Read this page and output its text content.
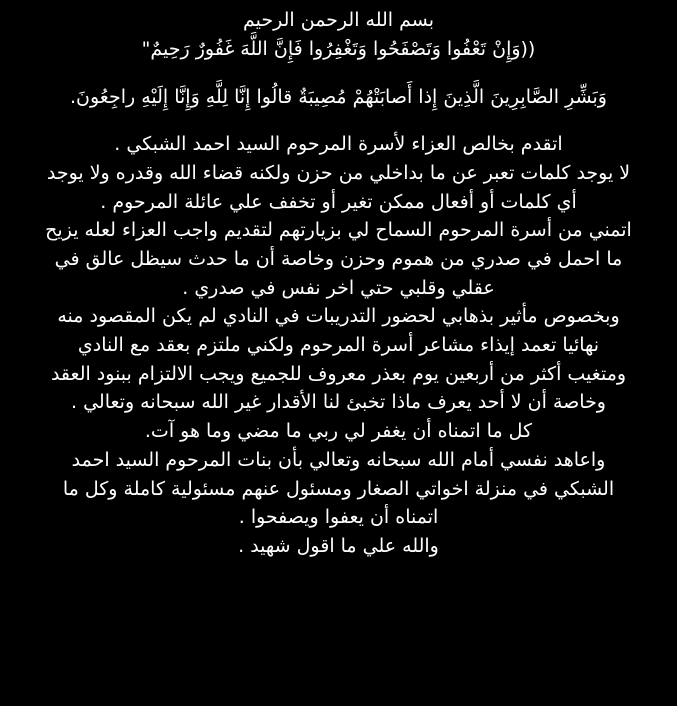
بسم الله الرحمن الرحيم
((وَإِنْ تَعْفُوا وَتَصْفَحُوا وَتَغْفِرُوا فَإِنَّ اللَّهَ غَفُورٌ رَحِيمٌ"
وَبَشِّرِ الصَّابِرِينَ الَّذِينَ إِذا أَصابَتْهُمْ مُصِيبَةٌ قالُوا إِنَّا لِلَّهِ وَإِنَّا إِلَيْهِ راجِعُونَ.
اتقدم بخالص العزاء لأسرة المرحوم السيد احمد الشبكي .
لا يوجد كلمات تعبر عن ما بداخلي من حزن ولكنه قضاء الله وقدره ولا يوجد
أي كلمات أو أفعال ممكن تغير أو تخفف علي عائلة المرحوم .
اتمني من أسرة المرحوم السماح لي بزيارتهم لتقديم واجب العزاء لعله يزيح
ما احمل في صدري من هموم وحزن وخاصة أن ما حدث سيظل عالق في
عقلي وقلبي حتي اخر نفس في صدري .
وبخصوص مأثير بذهابي لحضور التدريبات في النادي لم يكن المقصود منه
نهائيا تعمد إيذاء مشاعر أسرة المرحوم ولكني ملتزم بعقد مع النادي
ومتغيب أكثر من أربعين يوم بعذر معروف للجميع ويجب الالتزام ببنود العقد
وخاصة أن لا أحد يعرف ماذا تخبئ لنا الأقدار غير الله سبحانه وتعالي .
كل ما اتمناه أن يغفر لي ربي ما مضي وما هو آت.
واعاهد نفسي أمام الله سبحانه وتعالي بأن بنات المرحوم السيد احمد
الشبكي في منزلة اخواتي الصغار ومسئول عنهم مسئولية كاملة وكل ما
اتمناه أن يعفوا ويصفحوا .
والله علي ما اقول شهيد .
